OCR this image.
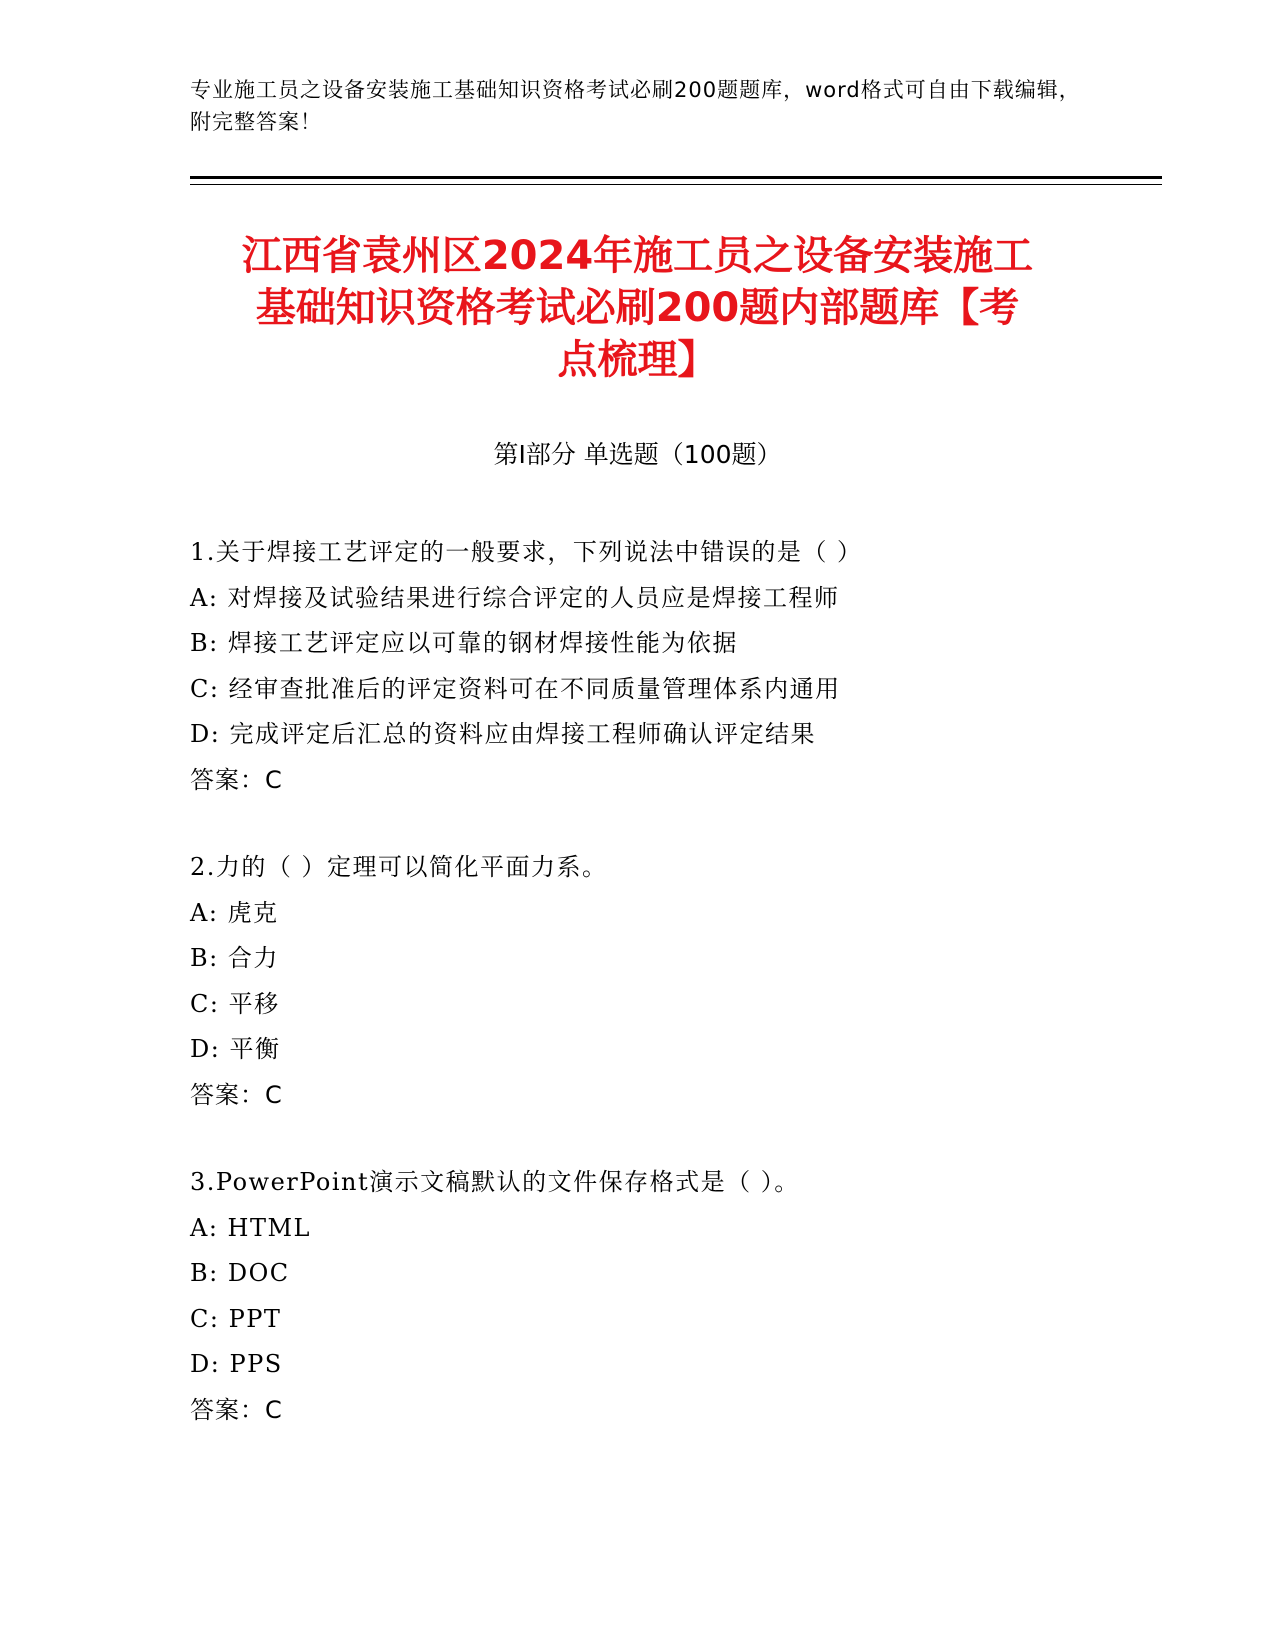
专业施工员之设备安装施工基础知识资格考试必刷200题题库，word格式可自由下载编辑，附完整答案！
江西省袁州区2024年施工员之设备安装施工
基础知识资格考试必刷200题内部题库【考
点梳理】
第Ⅰ部分 单选题（100题）
1.关于焊接工艺评定的一般要求，下列说法中错误的是（ ）
A: 对焊接及试验结果进行综合评定的人员应是焊接工程师
B: 焊接工艺评定应以可靠的钢材焊接性能为依据
C: 经审查批准后的评定资料可在不同质量管理体系内通用
D: 完成评定后汇总的资料应由焊接工程师确认评定结果
答案：C
2.力的（ ）定理可以简化平面力系。
A: 虎克
B: 合力
C: 平移
D: 平衡
答案：C
3.PowerPoint演示文稿默认的文件保存格式是（ ）。
A: HTML
B: DOC
C: PPT
D: PPS
答案：C
